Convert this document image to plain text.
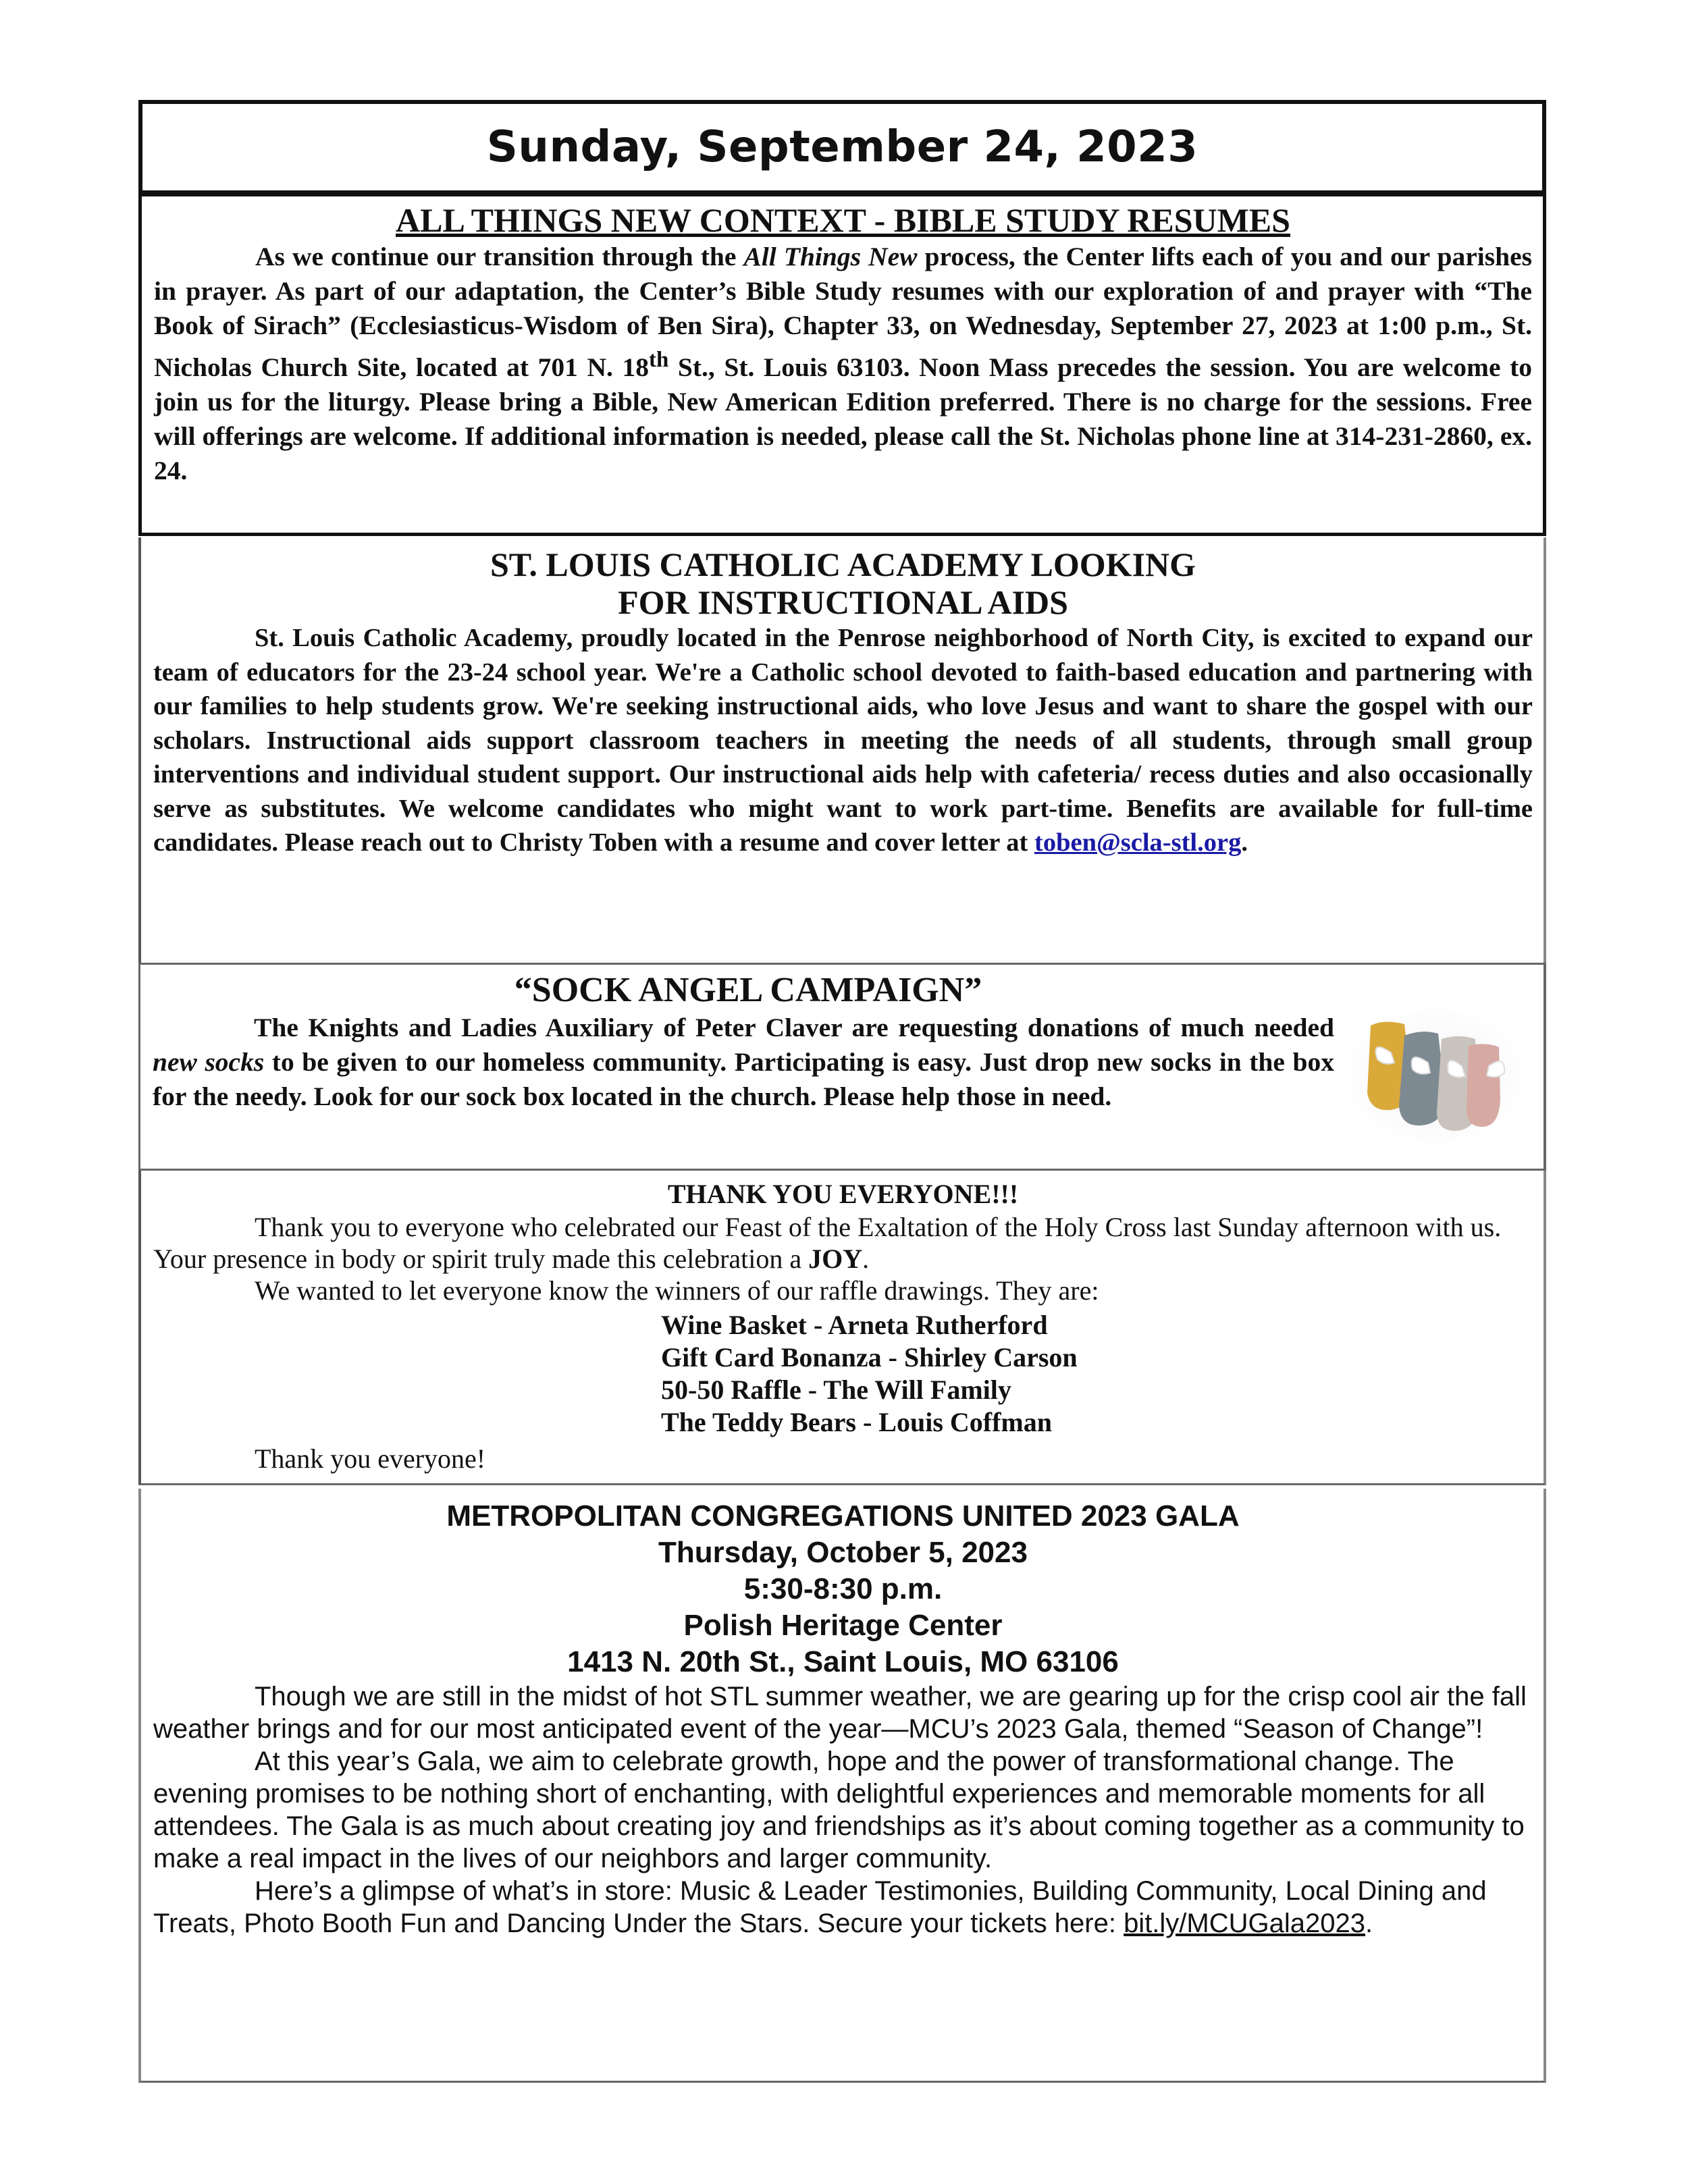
Sunday, September 24, 2023
ALL THINGS NEW CONTEXT - BIBLE STUDY RESUMES

As we continue our transition through the All Things New process, the Center lifts each of you and our parishes in prayer. As part of our adaptation, the Center’s Bible Study resumes with our exploration of and prayer with “The Book of Sirach” (Ecclesiasticus-Wisdom of Ben Sira), Chapter 33, on Wednesday, September 27, 2023 at 1:00 p.m., St. Nicholas Church Site, located at 701 N. 18th St., St. Louis 63103. Noon Mass precedes the session. You are welcome to join us for the liturgy. Please bring a Bible, New American Edition preferred. There is no charge for the sessions. Free will offerings are welcome. If additional information is needed, please call the St. Nicholas phone line at 314-231-2860, ex. 24.

ST. LOUIS CATHOLIC ACADEMY LOOKING
FOR INSTRUCTIONAL AIDS

St. Louis Catholic Academy, proudly located in the Penrose neighborhood of North City, is excited to expand our team of educators for the 23-24 school year. We're a Catholic school devoted to faith-based education and partnering with our families to help students grow. We're seeking instructional aids, who love Jesus and want to share the gospel with our scholars. Instructional aids support classroom teachers in meeting the needs of all students, through small group interventions and individual student support. Our instructional aids help with cafeteria/ recess duties and also occasionally serve as substitutes. We welcome candidates who might want to work part-time. Benefits are available for full-time candidates. Please reach out to Christy Toben with a resume and cover letter at toben@scla-stl.org.

“SOCK ANGEL CAMPAIGN”

The Knights and Ladies Auxiliary of Peter Claver are requesting donations of much needed new socks to be given to our homeless community. Participating is easy. Just drop new socks in the box for the needy. Look for our sock box located in the church. Please help those in need.

THANK YOU EVERYONE!!!

Thank you to everyone who celebrated our Feast of the Exaltation of the Holy Cross last Sunday afternoon with us. Your presence in body or spirit truly made this celebration a JOY.

We wanted to let everyone know the winners of our raffle drawings. They are:

Wine Basket - Arneta Rutherford
Gift Card Bonanza - Shirley Carson
50-50 Raffle - The Will Family
The Teddy Bears - Louis Coffman

Thank you everyone!

METROPOLITAN CONGREGATIONS UNITED 2023 GALA
Thursday, October 5, 2023
5:30-8:30 p.m.
Polish Heritage Center
1413 N. 20th St., Saint Louis, MO 63106

Though we are still in the midst of hot STL summer weather, we are gearing up for the crisp cool air the fall weather brings and for our most anticipated event of the year—MCU’s 2023 Gala, themed “Season of Change”!

At this year’s Gala, we aim to celebrate growth, hope and the power of transformational change. The evening promises to be nothing short of enchanting, with delightful experiences and memorable moments for all attendees. The Gala is as much about creating joy and friendships as it’s about coming together as a community to make a real impact in the lives of our neighbors and larger community.

Here’s a glimpse of what’s in store: Music & Leader Testimonies, Building Community, Local Dining and Treats, Photo Booth Fun and Dancing Under the Stars. Secure your tickets here: bit.ly/MCUGala2023.
